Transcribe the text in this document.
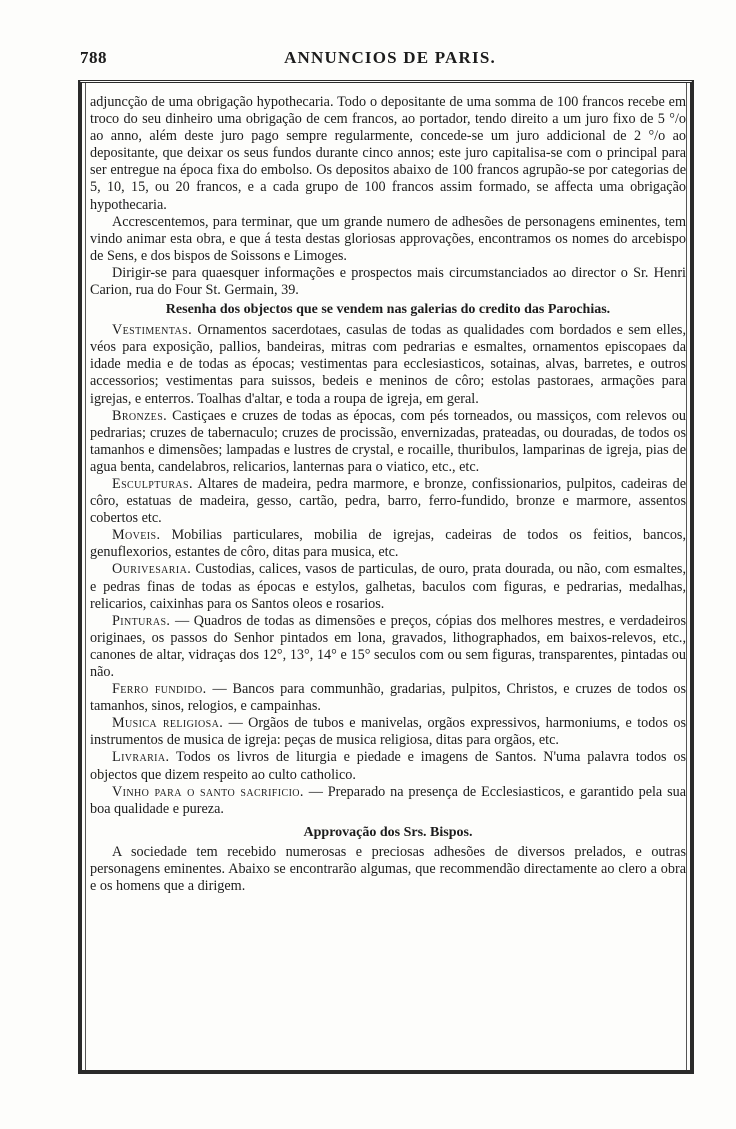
788	ANNUNCIOS DE PARIS.

adjuncção de uma obrigação hypothecaria. Todo o depositante de uma somma de 100 francos recebe em troco do seu dinheiro uma obrigação de cem francos, ao portador, tendo direito a um juro fixo de 5 °/o ao anno, além deste juro pago sempre regularmente, concede-se um juro addicional de 2 °/o ao depositante, que deixar os seus fundos durante cinco annos; este juro capitalisa-se com o principal para ser entregue na época fixa do embolso. Os depositos abaixo de 100 francos agrupão-se por categorias de 5, 10, 15, ou 20 francos, e a cada grupo de 100 francos assim formado, se affecta uma obrigação hypothecaria.

Accrescentemos, para terminar, que um grande numero de adhesões de personagens eminentes, tem vindo animar esta obra, e que á testa destas gloriosas approvações, encontramos os nomes do arcebispo de Sens, e dos bispos de Soissons e Limoges.

Dirigir-se para quaesquer informações e prospectos mais circumstanciados ao director o Sr. Henri Carion, rua do Four St. Germain, 39.

Resenha dos objectos que se vendem nas galerias do credito das Parochias.

Vestimentas. Ornamentos sacerdotaes, casulas de todas as qualidades com bordados e sem elles, véos para exposição, pallios, bandeiras, mitras com pedrarias e esmaltes, ornamentos episcopaes da idade media e de todas as épocas; vestimentas para ecclesiasticos, sotainas, alvas, barretes, e outros accessorios; vestimentas para suissos, bedeis e meninos de côro; estolas pastoraes, armações para igrejas, e enterros. Toalhas d'altar, e toda a roupa de igreja, em geral.

Bronzes. Castiçaes e cruzes de todas as épocas, com pés torneados, ou massiços, com relevos ou pedrarias; cruzes de tabernaculo; cruzes de procissão, envernizadas, prateadas, ou douradas, de todos os tamanhos e dimensões; lampadas e lustres de crystal, e rocaille, thuribulos, lamparinas de igreja, pias de agua benta, candelabros, relicarios, lanternas para o viatico, etc., etc.

Esculpturas. Altares de madeira, pedra marmore, e bronze, confissionarios, pulpitos, cadeiras de côro, estatuas de madeira, gesso, cartão, pedra, barro, ferro-fundido, bronze e marmore, assentos cobertos etc.

Moveis. Mobilias particulares, mobilia de igrejas, cadeiras de todos os feitios, bancos, genuflexorios, estantes de côro, ditas para musica, etc.

Ourivesaria. Custodias, calices, vasos de particulas, de ouro, prata dourada, ou não, com esmaltes, e pedras finas de todas as épocas e estylos, galhetas, baculos com figuras, e pedrarias, medalhas, relicarios, caixinhas para os Santos oleos e rosarios.

Pinturas. — Quadros de todas as dimensões e preços, cópias dos melhores mestres, e verdadeiros originaes, os passos do Senhor pintados em lona, gravados, lithographados, em baixos-relevos, etc., canones de altar, vidraças dos 12°, 13°, 14° e 15° seculos com ou sem figuras, transparentes, pintadas ou não.

Ferro fundido. — Bancos para communhão, gradarias, pulpitos, Christos, e cruzes de todos os tamanhos, sinos, relogios, e campainhas.

Musica religiosa. — Orgãos de tubos e manivelas, orgãos expressivos, harmoniums, e todos os instrumentos de musica de igreja: peças de musica religiosa, ditas para orgãos, etc.

Livraria. Todos os livros de liturgia e piedade e imagens de Santos. N'uma palavra todos os objectos que dizem respeito ao culto catholico.

Vinho para o santo sacrificio. — Preparado na presença de Ecclesiasticos, e garantido pela sua boa qualidade e pureza.

Approvação dos Srs. Bispos.

A sociedade tem recebido numerosas e preciosas adhesões de diversos prelados, e outras personagens eminentes. Abaixo se encontrarão algumas, que recommendão directamente ao clero a obra e os homens que a dirigem.
